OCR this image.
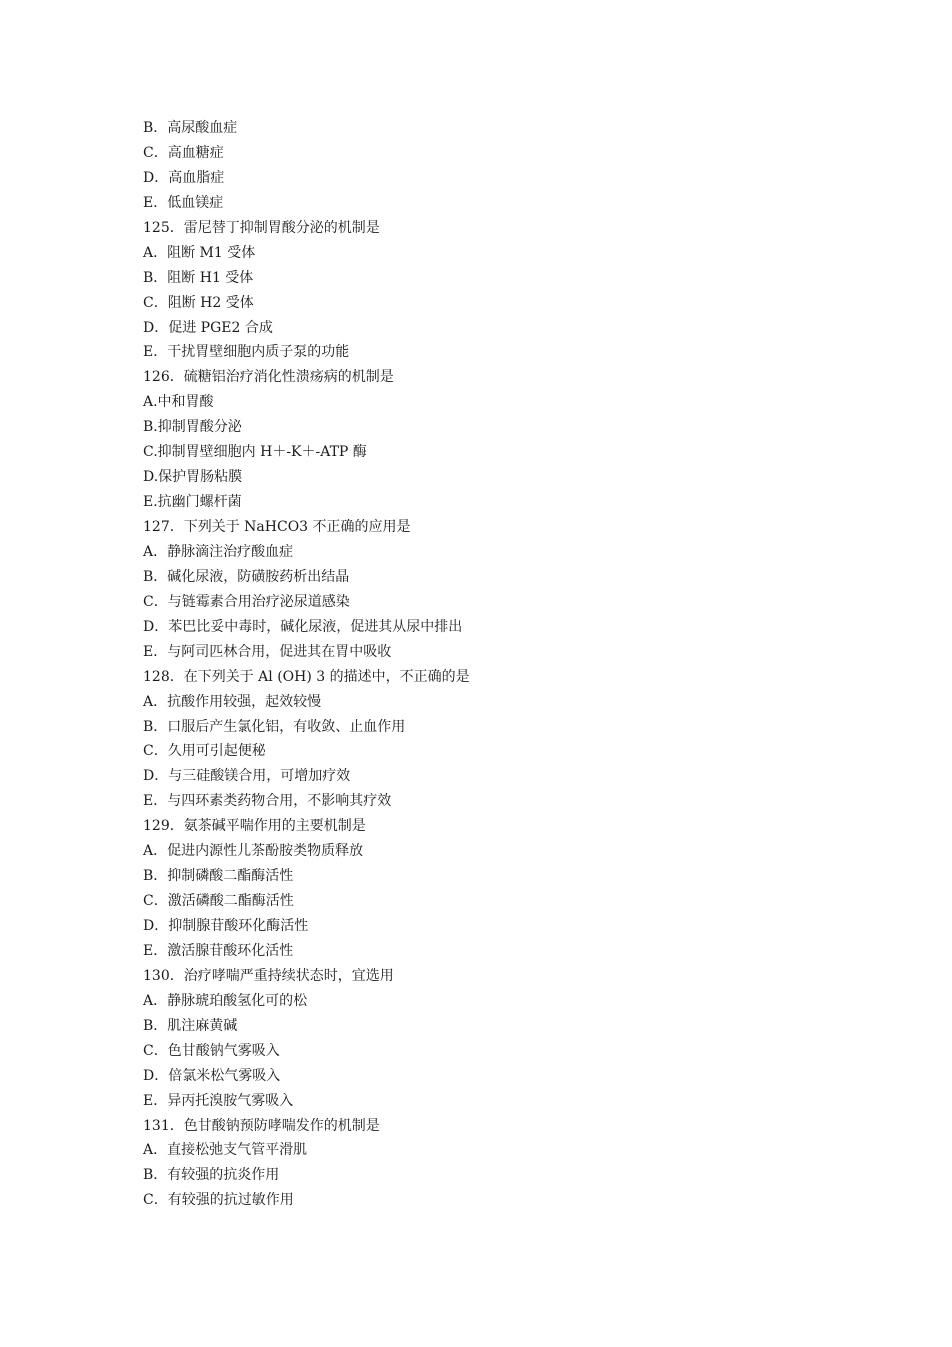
B．高尿酸血症

C．高血糖症

D．高血脂症

E．低血镁症

125．雷尼替丁抑制胃酸分泌的机制是

A．阻断 M1 受体

B．阻断 H1 受体

C．阻断 H2 受体

D．促进 PGE2 合成

E．干扰胃壁细胞内质子泵的功能

126．硫糖铝治疗消化性溃疡病的机制是

A.中和胃酸

B.抑制胃酸分泌

C.抑制胃壁细胞内 H＋-K＋-ATP 酶

D.保护胃肠粘膜

E.抗幽门螺杆菌

127．下列关于 NaHCO3 不正确的应用是

A．静脉滴注治疗酸血症

B．碱化尿液，防磺胺药析出结晶

C．与链霉素合用治疗泌尿道感染

D．苯巴比妥中毒时，碱化尿液，促进其从尿中排出

E．与阿司匹林合用，促进其在胃中吸收

128．在下列关于 Al (OH) 3 的描述中，不正确的是

A．抗酸作用较强，起效较慢

B．口服后产生氯化铝，有收敛、止血作用

C．久用可引起便秘

D．与三硅酸镁合用，可增加疗效

E．与四环素类药物合用，不影响其疗效

129．氨茶碱平喘作用的主要机制是

A．促进内源性儿茶酚胺类物质释放

B．抑制磷酸二酯酶活性

C．激活磷酸二酯酶活性

D．抑制腺苷酸环化酶活性

E．激活腺苷酸环化活性

130．治疗哮喘严重持续状态时，宜选用

A．静脉琥珀酸氢化可的松

B．肌注麻黄碱

C．色甘酸钠气雾吸入

D．倍氯米松气雾吸入

E．异丙托溴胺气雾吸入

131．色甘酸钠预防哮喘发作的机制是

A．直接松弛支气管平滑肌

B．有较强的抗炎作用

C．有较强的抗过敏作用
